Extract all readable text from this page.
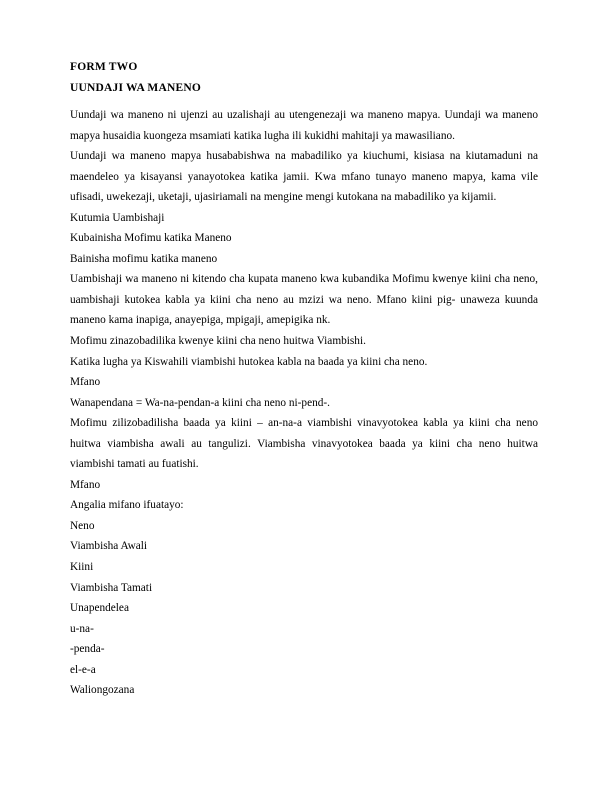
FORM TWO
UUNDAJI WA MANENO

Uundaji wa maneno ni ujenzi au uzalishaji au utengenezaji wa maneno mapya. Uundaji wa maneno mapya husaidia kuongeza msamiati katika lugha ili kukidhi mahitaji ya mawasiliano.

Uundaji wa maneno mapya husababishwa na mabadiliko ya kiuchumi, kisiasa na kiutamaduni na maendeleo ya kisayansi yanayotokea katika jamii. Kwa mfano tunayo maneno mapya, kama vile ufisadi, uwekezaji, uketaji, ujasiriamali na mengine mengi kutokana na mabadiliko ya kijamii.

Kutumia Uambishaji

Kubainisha Mofimu katika Maneno

Bainisha mofimu katika maneno

Uambishaji wa maneno ni kitendo cha kupata maneno kwa kubandika Mofimu kwenye kiini cha neno, uambishaji kutokea kabla ya kiini cha neno au mzizi wa neno. Mfano kiini pig- unaweza kuunda maneno kama inapiga, anayepiga, mpigaji, amepigika nk.

Mofimu zinazobadilika kwenye kiini cha neno huitwa Viambishi.

Katika lugha ya Kiswahili viambishi hutokea kabla na baada ya kiini cha neno.

Mfano

Wanapendana = Wa-na-pendan-a kiini cha neno ni-pend-.

Mofimu zilizobadilisha baada ya kiini – an-na-a viambishi vinavyotokea kabla ya kiini cha neno huitwa viambisha awali au tangulizi. Viambisha vinavyotokea baada ya kiini cha neno huitwa viambishi tamati au fuatishi.

Mfano

Angalia mifano ifuatayo:

Neno

Viambisha Awali

Kiini

Viambisha Tamati

Unapendelea

u-na-

-penda-

el-e-a

Waliongozana
